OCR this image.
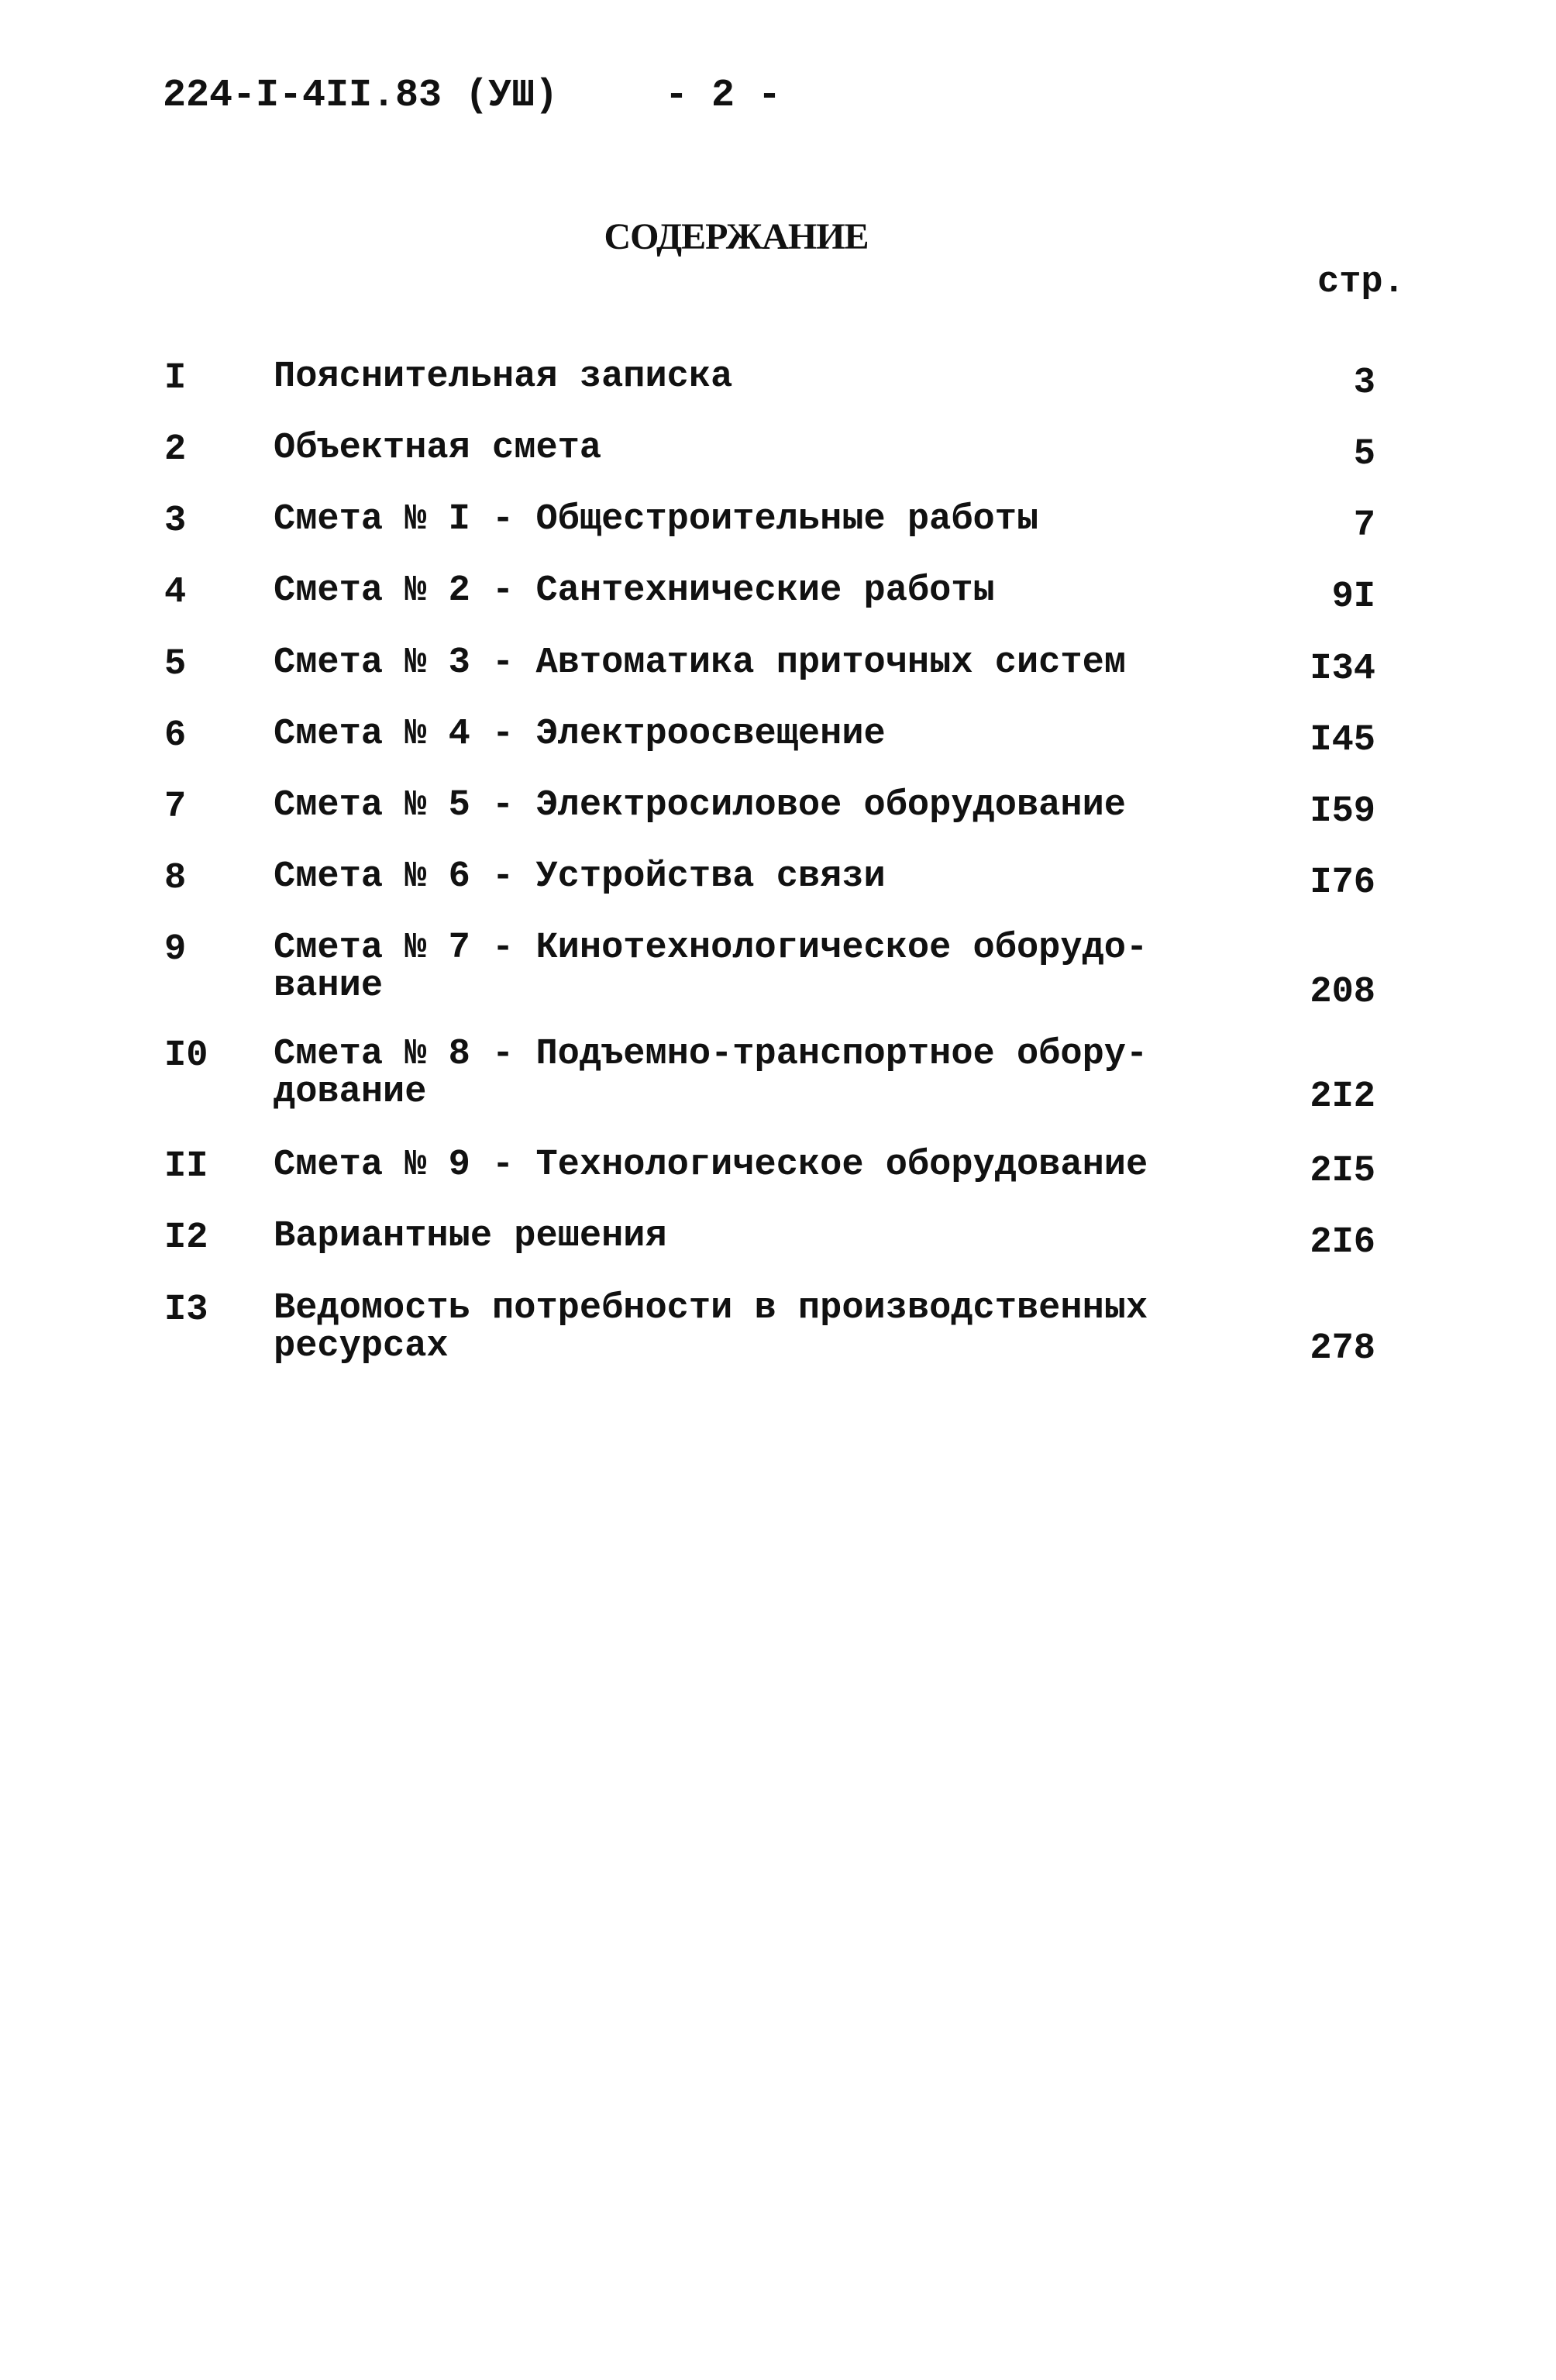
224-I-4II.83 (УШ)	- 2 -
СОДЕРЖАНИЕ
стр.
I Пояснительная записка	3
2 Объектная смета	5
3 Смета № I - Общестроительные работы	7
4 Смета № 2 - Сантехнические работы	9I
5 Смета № 3 - Автоматика приточных систем	I34
6 Смета № 4 - Электроосвещение	I45
7 Смета № 5 - Электросиловое оборудование	I59
8 Смета № 6 - Устройства связи	I76
9 Смета № 7 - Кинотехнологическое оборудо-
вание	208
I0 Смета № 8 - Подъемно-транспортное обору-
дование	2I2
II Смета № 9 - Технологическое оборудование	2I5
I2 Вариантные решения	2I6
I3 Ведомость потребности в производственных
ресурсах	278
